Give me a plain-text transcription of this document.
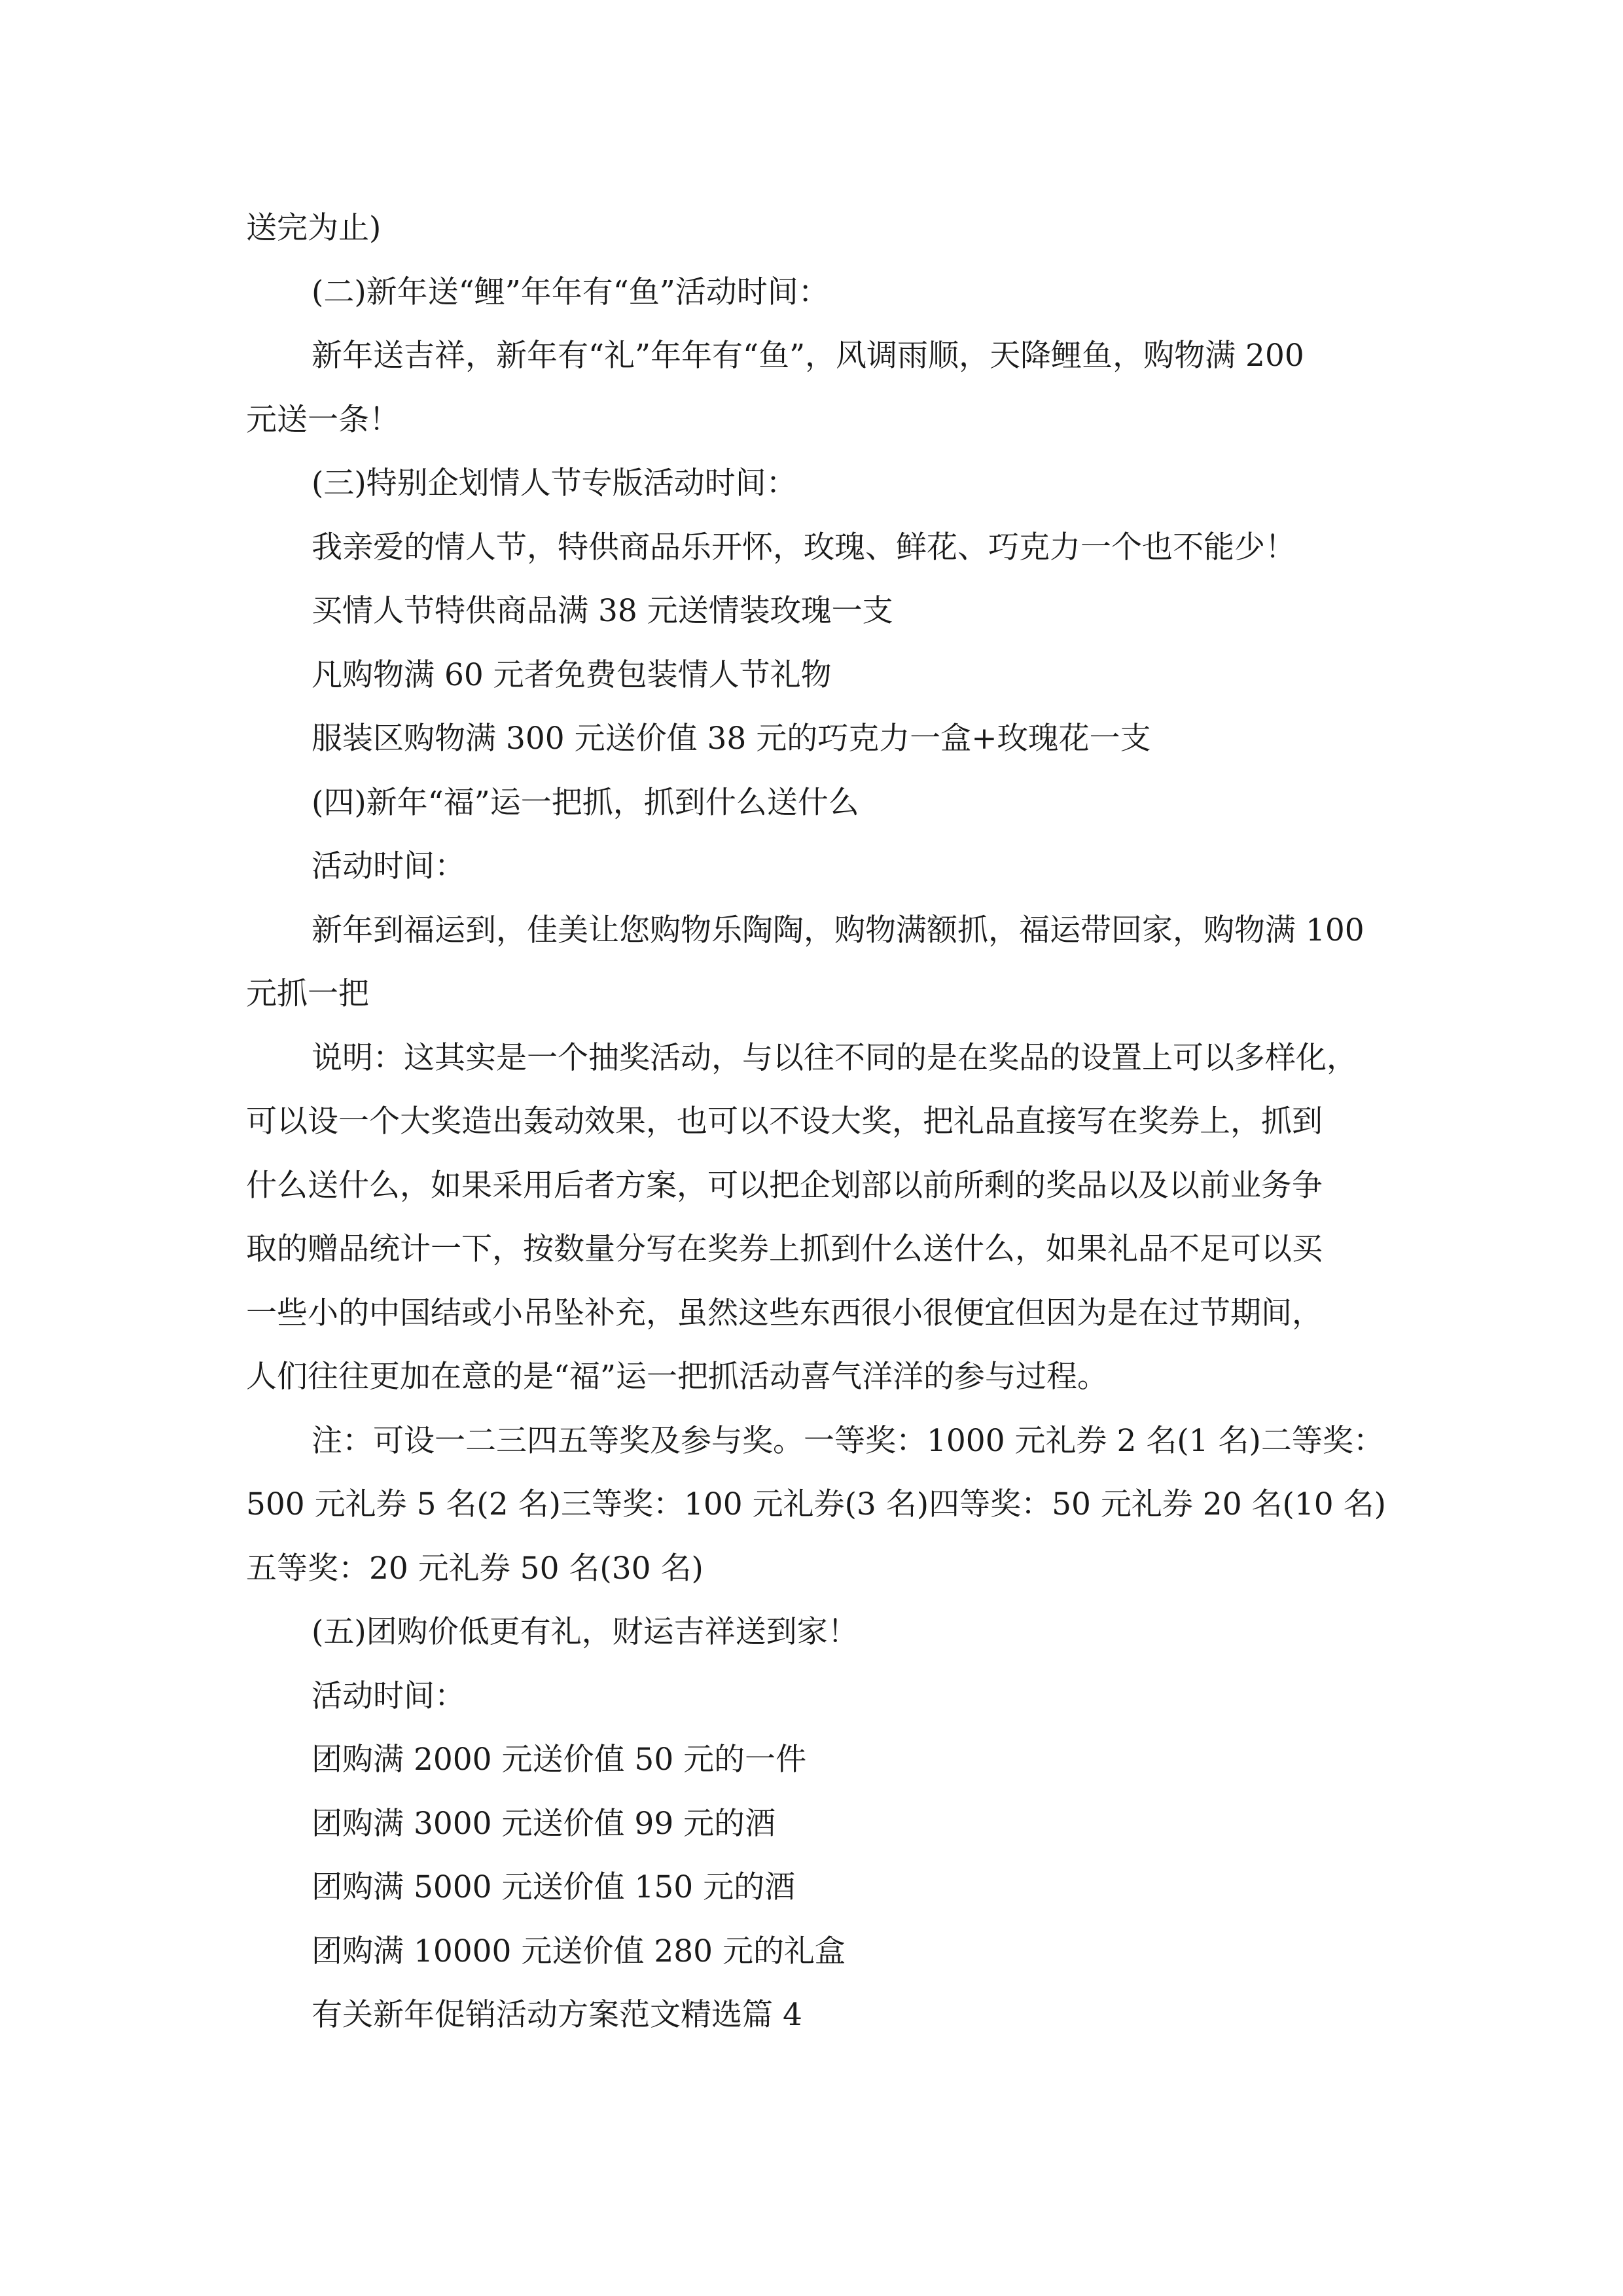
送完为止)

(二)新年送“鲤”年年有“鱼”活动时间：

新年送吉祥，新年有“礼”年年有“鱼”，风调雨顺，天降鲤鱼，购物满 200

元送一条！

(三)特别企划情人节专版活动时间：

我亲爱的情人节，特供商品乐开怀，玫瑰、鲜花、巧克力一个也不能少！

买情人节特供商品满 38 元送情装玫瑰一支

凡购物满 60 元者免费包装情人节礼物

服装区购物满 300 元送价值 38 元的巧克力一盒+玫瑰花一支

(四)新年“福”运一把抓，抓到什么送什么

活动时间：

新年到福运到，佳美让您购物乐陶陶，购物满额抓，福运带回家，购物满 100

元抓一把

说明：这其实是一个抽奖活动，与以往不同的是在奖品的设置上可以多样化，

可以设一个大奖造出轰动效果，也可以不设大奖，把礼品直接写在奖券上，抓到

什么送什么，如果采用后者方案，可以把企划部以前所剩的奖品以及以前业务争

取的赠品统计一下，按数量分写在奖券上抓到什么送什么，如果礼品不足可以买

一些小的中国结或小吊坠补充，虽然这些东西很小很便宜但因为是在过节期间，

人们往往更加在意的是“福”运一把抓活动喜气洋洋的参与过程。

注：可设一二三四五等奖及参与奖。一等奖：1000 元礼券 2 名(1 名)二等奖：

500 元礼券 5 名(2 名)三等奖：100 元礼券(3 名)四等奖：50 元礼券 20 名(10 名)

五等奖：20 元礼券 50 名(30 名)

(五)团购价低更有礼，财运吉祥送到家！

活动时间：

团购满 2000 元送价值 50 元的一件

团购满 3000 元送价值 99 元的酒

团购满 5000 元送价值 150 元的酒

团购满 10000 元送价值 280 元的礼盒

有关新年促销活动方案范文精选篇 4
